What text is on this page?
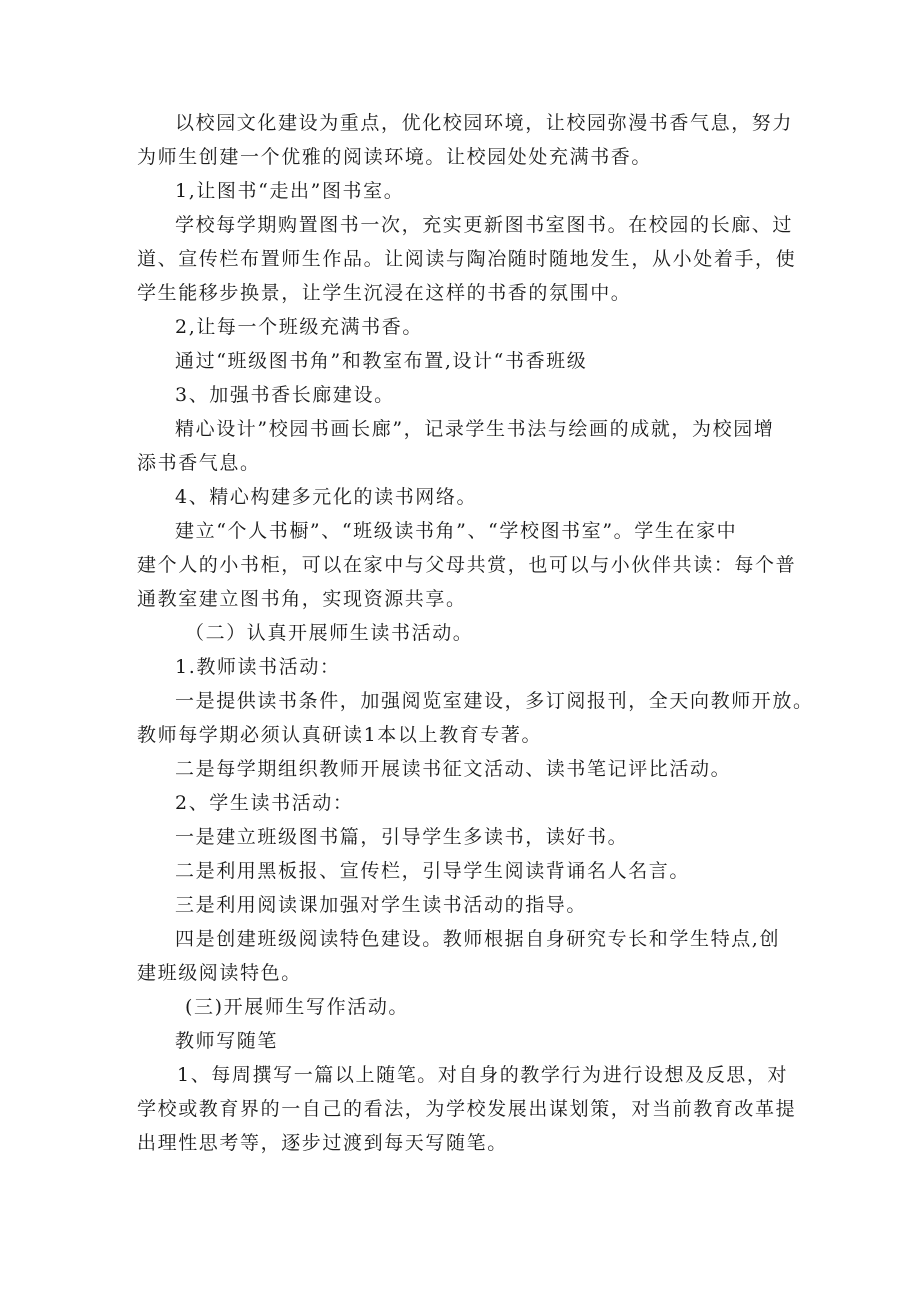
以校园文化建设为重点，优化校园环境，让校园弥漫书香气息，努力
为师生创建一个优雅的阅读环境。让校园处处充满书香。
1,让图书“走出”图书室。
学校每学期购置图书一次，充实更新图书室图书。在校园的长廊、过
道、宣传栏布置师生作品。让阅读与陶冶随时随地发生，从小处着手，使
学生能移步换景，让学生沉浸在这样的书香的氛围中。
2,让每一个班级充满书香。
通过“班级图书角”和教室布置,设计“书香班级
3、加强书香长廊建设。
精心设计”校园书画长廊”，记录学生书法与绘画的成就，为校园增
添书香气息。
4、精心构建多元化的读书网络。
建立“个人书橱”、“班级读书角”、“学校图书室”。学生在家中
建个人的小书柜，可以在家中与父母共赏，也可以与小伙伴共读：每个普
通教室建立图书角，实现资源共享。
（二）认真开展师生读书活动。
1.教师读书活动：
一是提供读书条件，加强阅览室建设，多订阅报刊，全天向教师开放。
教师每学期必须认真研读1本以上教育专著。
二是每学期组织教师开展读书征文活动、读书笔记评比活动。
2、学生读书活动：
一是建立班级图书篇，引导学生多读书，读好书。
二是利用黑板报、宣传栏，引导学生阅读背诵名人名言。
三是利用阅读课加强对学生读书活动的指导。
四是创建班级阅读特色建设。教师根据自身研究专长和学生特点,创
建班级阅读特色。
(三)开展师生写作活动。
教师写随笔
1、每周撰写一篇以上随笔。对自身的教学行为进行设想及反思，对
学校或教育界的一自己的看法，为学校发展出谋划策，对当前教育改革提
出理性思考等，逐步过渡到每天写随笔。
